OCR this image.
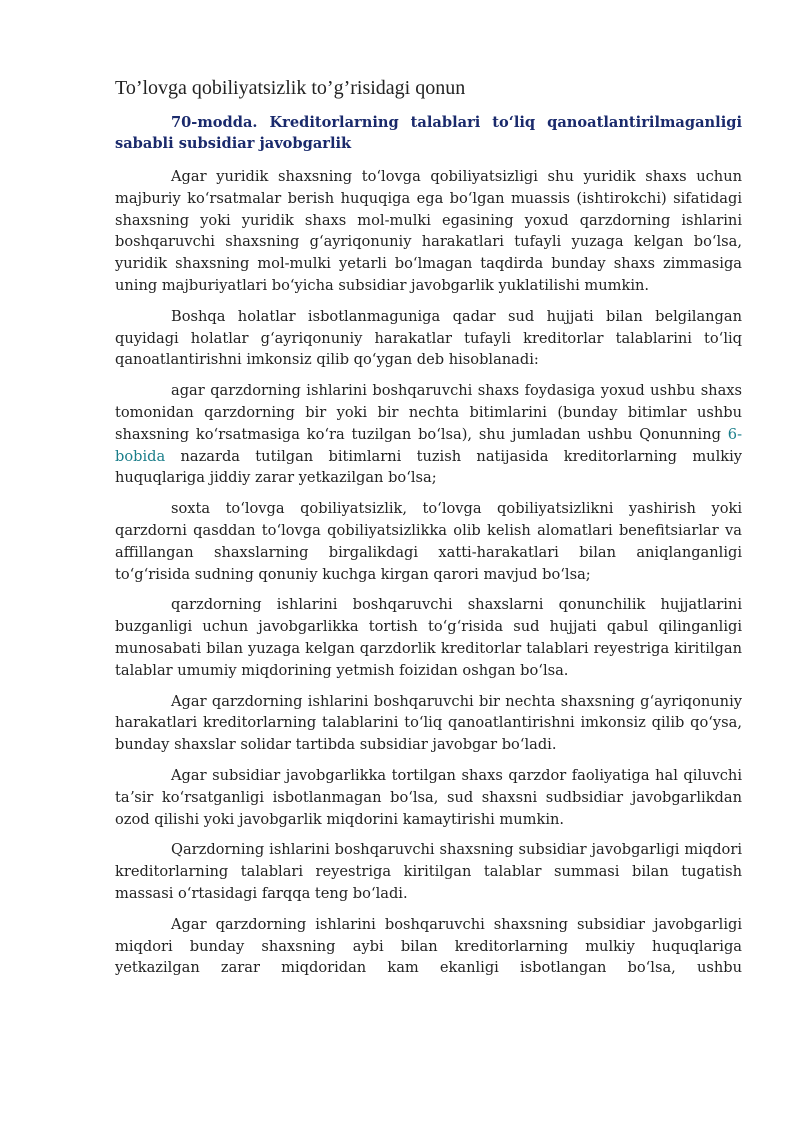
To’lovga qobiliyatsizlik to’g’risidagi qonun

70-modda. Kreditorlarning talablari toʻliq qanoatlantirilmaganligi sababli subsidiar javobgarlik

Agar yuridik shaxsning toʻlovga qobiliyatsizligi shu yuridik shaxs uchun majburiy koʻrsatmalar berish huquqiga ega boʻlgan muassis (ishtirokchi) sifatidagi shaxsning yoki yuridik shaxs mol-mulki egasining yoxud qarzdorning ishlarini boshqaruvchi shaxsning gʻayriqonuniy harakatlari tufayli yuzaga kelgan boʻlsa, yuridik shaxsning mol-mulki yetarli boʻlmagan taqdirda bunday shaxs zimmasiga uning majburiyatlari boʻyicha subsidiar javobgarlik yuklatilishi mumkin.

Boshqa holatlar isbotlanmaguniga qadar sud hujjati bilan belgilangan quyidagi holatlar gʻayriqonuniy harakatlar tufayli kreditorlar talablarini toʻliq qanoatlantirishni imkonsiz qilib qoʻygan deb hisoblanadi:

agar qarzdorning ishlarini boshqaruvchi shaxs foydasiga yoxud ushbu shaxs tomonidan qarzdorning bir yoki bir nechta bitimlarini (bunday bitimlar ushbu shaxsning koʻrsatmasiga koʻra tuzilgan boʻlsa), shu jumladan ushbu Qonunning 6-bobida nazarda tutilgan bitimlarni tuzish natijasida kreditorlarning mulkiy huquqlariga jiddiy zarar yetkazilgan boʻlsa;

soxta toʻlovga qobiliyatsizlik, toʻlovga qobiliyatsizlikni yashirish yoki qarzdorni qasddan toʻlovga qobiliyatsizlikka olib kelish alomatlari benefitsiarlar va affillangan shaxslarning birgalikdagi xatti-harakatlari bilan aniqlanganligi toʻgʻrisida sudning qonuniy kuchga kirgan qarori mavjud boʻlsa;

qarzdorning ishlarini boshqaruvchi shaxslarni qonunchilik hujjatlarini buzganligi uchun javobgarlikka tortish toʻgʻrisida sud hujjati qabul qilinganligi munosabati bilan yuzaga kelgan qarzdorlik kreditorlar talablari reyestriga kiritilgan talablar umumiy miqdorining yetmish foizidan oshgan boʻlsa.

Agar qarzdorning ishlarini boshqaruvchi bir nechta shaxsning gʻayriqonuniy harakatlari kreditorlarning talablarini toʻliq qanoatlantirishni imkonsiz qilib qoʻysa, bunday shaxslar solidar tartibda subsidiar javobgar boʻladi.

Agar subsidiar javobgarlikka tortilgan shaxs qarzdor faoliyatiga hal qiluvchi taʼsir koʻrsatganligi isbotlanmagan boʻlsa, sud shaxsni sudbsidiar javobgarlikdan ozod qilishi yoki javobgarlik miqdorini kamaytirishi mumkin.

Qarzdorning ishlarini boshqaruvchi shaxsning subsidiar javobgarligi miqdori kreditorlarning talablari reyestriga kiritilgan talablar summasi bilan tugatish massasi oʻrtasidagi farqqa teng boʻladi.

Agar qarzdorning ishlarini boshqaruvchi shaxsning subsidiar javobgarligi miqdori bunday shaxsning aybi bilan kreditorlarning mulkiy huquqlariga yetkazilgan zarar miqdoridan kam ekanligi isbotlangan boʻlsa, ushbu
